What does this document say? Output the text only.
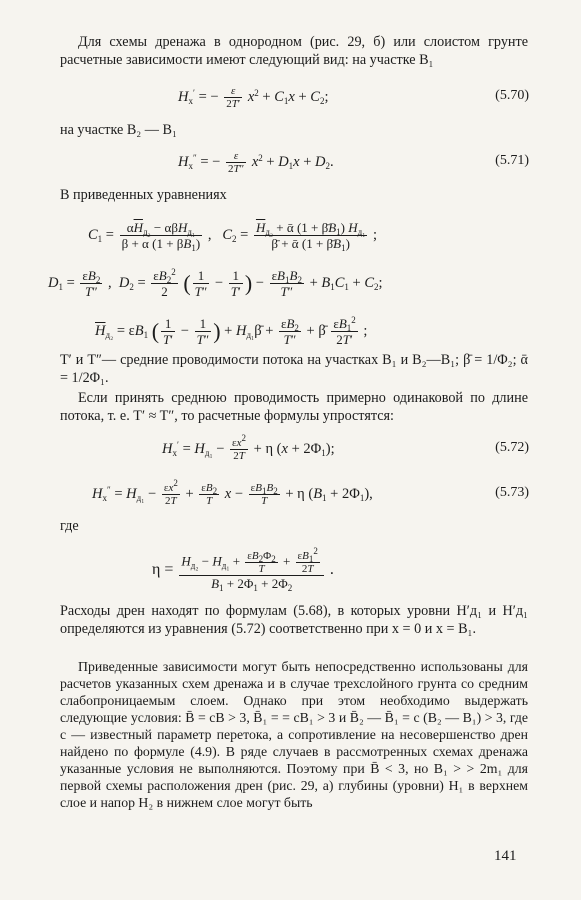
Для схемы дренажа в однородном (рис. 29, б) или слоистом грунте расчетные зависимости имеют следующий вид: на участке B₁
$H_x'$ = − $\frac{\varepsilon}{2T'} x^2 + C_1x + C_2$;	(5.70)
на участке B₂ — B₁
$H_x''$ = − $\frac{\varepsilon}{2T''} x^2 + D_1x + D_2$.	(5.71)
В приведенных уравнениях
$C_1 = \frac{\alpha\overline{H}_{д_2} - \alpha\beta H_{д_1}}{\beta + \alpha (1 + \beta B_1)}$ ,   $C_2 = \frac{\overline{H}_{д_2} + ᾱ (1 + \betāB_1) H_{д_1}}{\betā + ᾱ (1 + \betāB_1)}$ ;
$D_1 = \frac{\varepsilon B_2}{T''}$ ,  $D_2 = \frac{\varepsilon B_2^2}{2}$ ( $\frac{1}{T''} - \frac{1}{T'}$ ) − $\frac{\varepsilon B_1B_2}{T''} + B_1C_1 + C_2$;
$\overline{H}_{д_2} = \varepsilon B_1$ ( $\frac{1}{T'} - \frac{1}{T''}$ ) + $H_{д_1}\betā + \frac{\varepsilon B_2}{T''}$ + β̄ $\frac{\varepsilon B_1^2}{2T'}$ ;
T′ и T″— средние проводимости потока на участках B₁ и B₂—B₁; β̄ = 1/Φ₂; ᾱ = 1/2Φ₁.
Если принять среднюю проводимость примерно одинаковой по длине потока, т. е. T′ ≈ T″, то расчетные формулы упростятся:
$H_x' = H_{д_1} - \frac{\varepsilon x^2}{2T} + \eta$ $(x + 2\Phi_1)$;	(5.72)
$H_x'' = H_{д_1} - \frac{\varepsilon x^2}{2T} + \frac{\varepsilon B_2}{T}$ $x - \frac{\varepsilon B_1B_2}{T} + \eta$ $(B_1 + 2\Phi_1)$,	(5.73)
где
$\eta = \frac{H_{д_2} - H_{д_1} + \frac{\varepsilon B_2\Phi_2}{T} + \frac{\varepsilon B_1^2}{2T}}{B_1 + 2\Phi_1 + 2\Phi_2}$ .
Расходы дрен находят по формулам (5.68), в которых уровни H′д₁ и H′д₁ определяются из уравнения (5.72) соответственно при x = 0 и x = B₁.
Приведенные зависимости могут быть непосредственно использованы для расчетов указанных схем дренажа и в случае трехслойного грунта со средним слабопроницаемым слоем. Однако при этом необходимо выдержать следующие условия: B̄ = cB > 3, B̄₁ = = cB₁ > 3 и B̄₂ — B̄₁ = c (B₂ — B₁) > 3, где c — известный параметр перетока, а сопротивление на несовершенство дрен найдено по формуле (4.9). В ряде случаев в рассмотренных схемах дренажа указанные условия не выполняются. Поэтому при B̄ < 3, но B₁ > > 2m₁ для первой схемы расположения дрен (рис. 29, а) глубины (уровни) H₁ в верхнем слое и напор H₂ в нижнем слое могут быть
141
